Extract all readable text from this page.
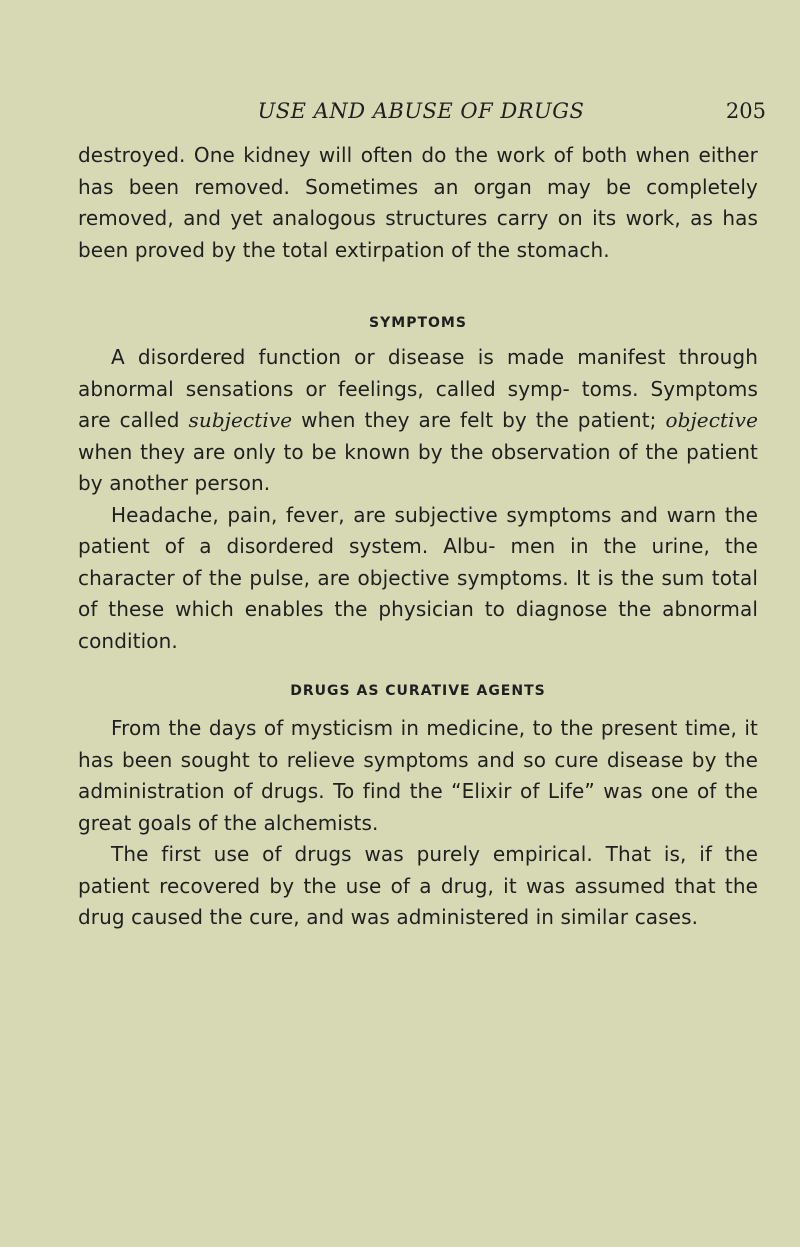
USE AND ABUSE OF DRUGS	205

destroyed. One kidney will often do the work of both when either has been removed. Sometimes an organ may be completely removed, and yet analogous structures carry on its work, as has been proved by the total extirpation of the stomach.

SYMPTOMS

A disordered function or disease is made manifest through abnormal sensations or feelings, called symp- toms. Symptoms are called subjective when they are felt by the patient; objective when they are only to be known by the observation of the patient by another person.

Headache, pain, fever, are subjective symptoms and warn the patient of a disordered system. Albu- men in the urine, the character of the pulse, are objective symptoms. It is the sum total of these which enables the physician to diagnose the abnormal condition.

DRUGS AS CURATIVE AGENTS

From the days of mysticism in medicine, to the present time, it has been sought to relieve symptoms and so cure disease by the administration of drugs. To find the “Elixir of Life” was one of the great goals of the alchemists.

The first use of drugs was purely empirical. That is, if the patient recovered by the use of a drug, it was assumed that the drug caused the cure, and was administered in similar cases.
